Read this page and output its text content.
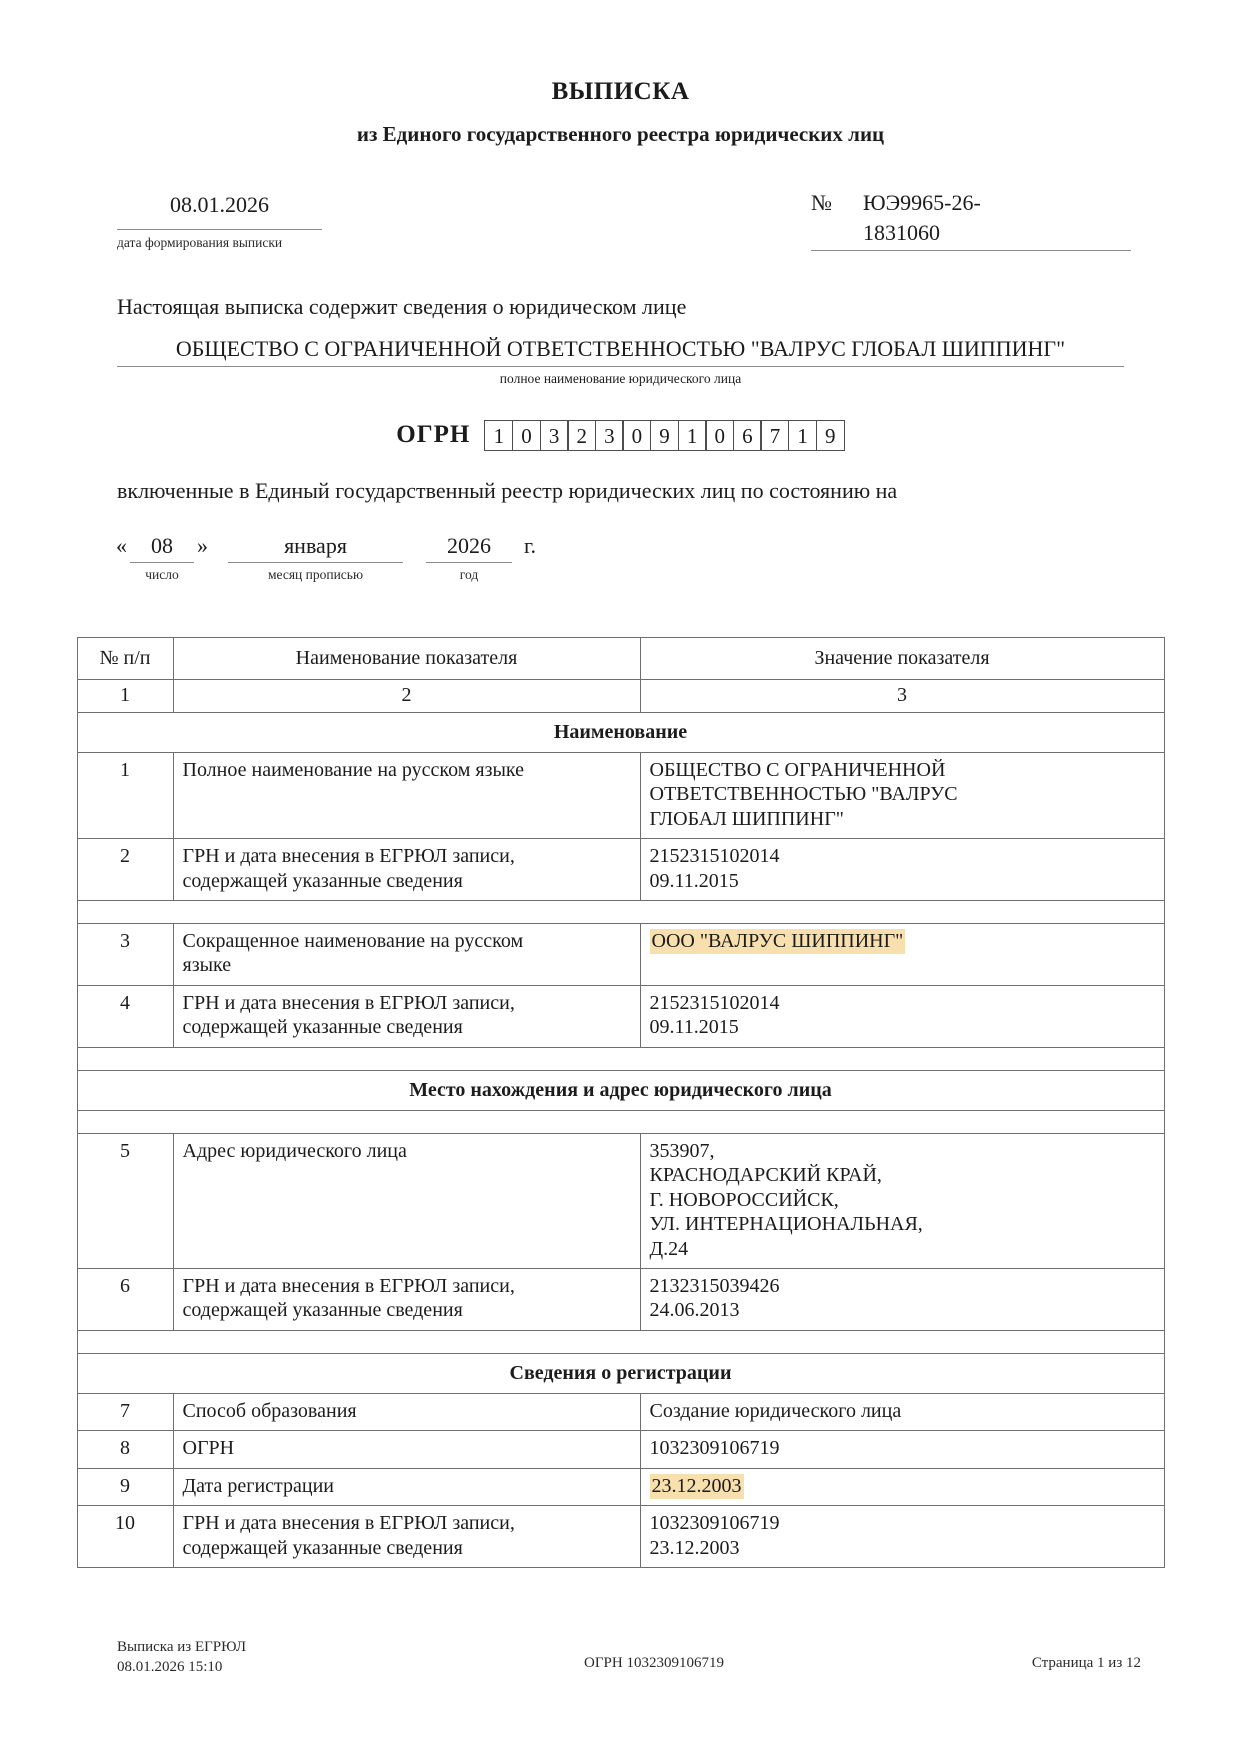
ВЫПИСКА
из Единого государственного реестра юридических лиц
08.01.2026
дата формирования выписки
№	ЮЭ9965-26-1831060
Настоящая выписка содержит сведения о юридическом лице
ОБЩЕСТВО С ОГРАНИЧЕННОЙ ОТВЕТСТВЕННОСТЬЮ "ВАЛРУС ГЛОБАЛ ШИППИНГ"
полное наименование юридического лица
ОГРН	1 0 3 2 3 0 9 1 0 6 7 1 9
включенные в Единый государственный реестр юридических лиц по состоянию на
«	08
число
»	января
месяц прописью
2026
год
г.
№ п/п	Наименование показателя	Значение показателя
1	2	3
Наименование		
1	Полное наименование на русском языке	ОБЩЕСТВО С ОГРАНИЧЕННОЙ
ОТВЕТСТВЕННОСТЬЮ "ВАЛРУС
ГЛОБАЛ ШИППИНГ"

2	ГРН и дата внесения в ЕГРЮЛ записи,
содержащей указанные сведения	2152315102014
09.11.2015

3	Сокращенное наименование на русском
языке	ООО "ВАЛРУС ШИППИНГ"

4	ГРН и дата внесения в ЕГРЮЛ записи,
содержащей указанные сведения	2152315102014
09.11.2015

Место нахождения и адрес юридического лица		

5	Адрес юридического лица	353907,
КРАСНОДАРСКИЙ КРАЙ,
Г. НОВОРОССИЙСК,
УЛ. ИНТЕРНАЦИОНАЛЬНАЯ,
Д.24

6	ГРН и дата внесения в ЕГРЮЛ записи,
содержащей указанные сведения	2132315039426
24.06.2013

Сведения о регистрации		
7	Способ образования	Создание юридического лица

8	ОГРН	1032309106719

9	Дата регистрации	23.12.2003

10	ГРН и дата внесения в ЕГРЮЛ записи,
содержащей указанные сведения	1032309106719
23.12.2003
Выписка из ЕГРЮЛ
08.01.2026 15:10	ОГРН 1032309106719	Страница 1 из 12
